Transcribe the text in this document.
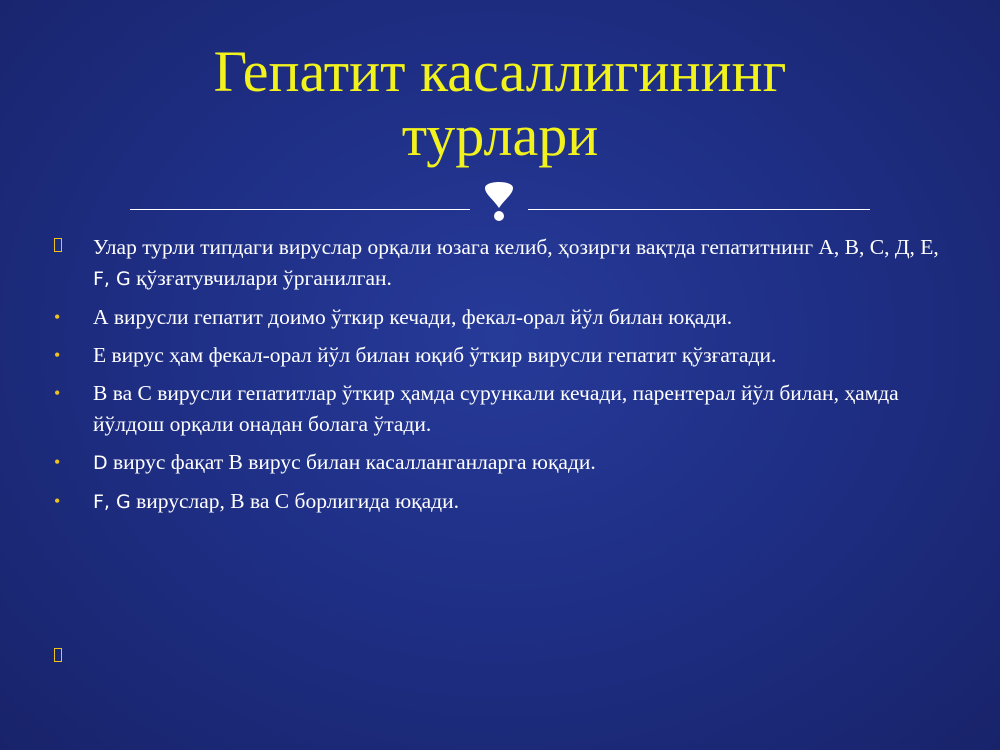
Гепатит касаллигининг
турлари
Улар турли типдаги вируслар орқали юзага келиб, ҳозирги вақтда гепатитнинг А, В, С, Д, Е, F, G қўзғатувчилари ўрганилган.
• А вирусли гепатит доимо ўткир кечади, фекал-орал йўл билан юқади.
• Е вирус ҳам фекал-орал йўл билан юқиб ўткир вирусли гепатит қўзғатади.
• В ва С вирусли гепатитлар ўткир ҳамда сурункали кечади, парентерал йўл билан, ҳамда йўлдош орқали онадан болага ўтади.
• D вирус фақат В вирус билан касалланганларга юқади.
• F, G вируслар, В ва С борлигида юқади.
